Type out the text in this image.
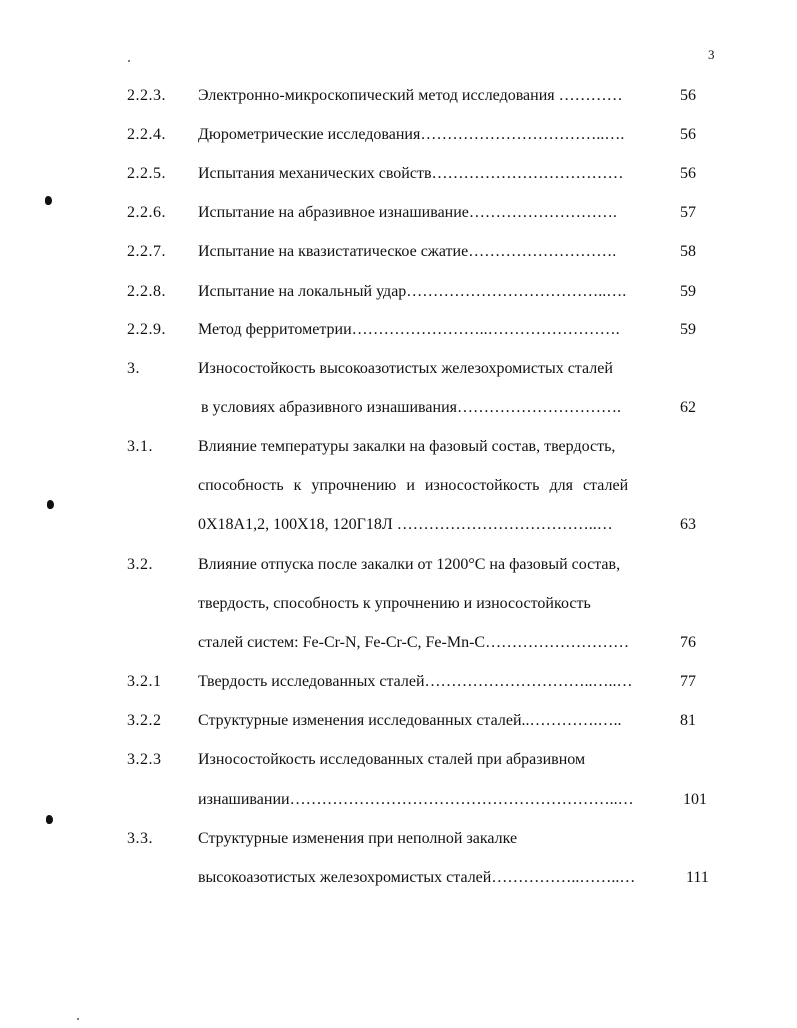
3
2.2.3. Электронно-микроскопический метод исследования …………	56
2.2.4. Дюрометрические исследования……………………………..….	56
2.2.5. Испытания механических свойств………………………………	56
2.2.6. Испытание на абразивное изнашивание……………………….	57
2.2.7. Испытание на квазистатическое сжатие……………………….	58
2.2.8. Испытание на локальный удар………………………………..….	59
2.2.9. Метод ферритометрии……………………..…………………….	59
3.	Износостойкость высокоазотистых железохромистых сталей
в условиях абразивного изнашивания………………………….	62
3.1.	Влияние температуры закалки на фазовый состав, твердость,
способность к упрочнению и износостойкость для сталей
0Х18А1,2, 100Х18, 120Г18Л ………………………………..…	63
3.2.	Влияние отпуска после закалки от 1200°С на фазовый состав,
твердость, способность к упрочнению и износостойкость
сталей систем: Fe-Cr-N, Fe-Cr-C, Fe-Mn-C………………………	76
3.2.1 Твердость исследованных сталей…………………………..…..…	77
3.2.2 Структурные изменения исследованных сталей..………….…..	81
3.2.3 Износостойкость исследованных сталей при абразивном
изнашивании……………………………………………………..…	101
3.3.	Структурные изменения при неполной закалке
высокоазотистых железохромистых сталей……………..……..…	111
